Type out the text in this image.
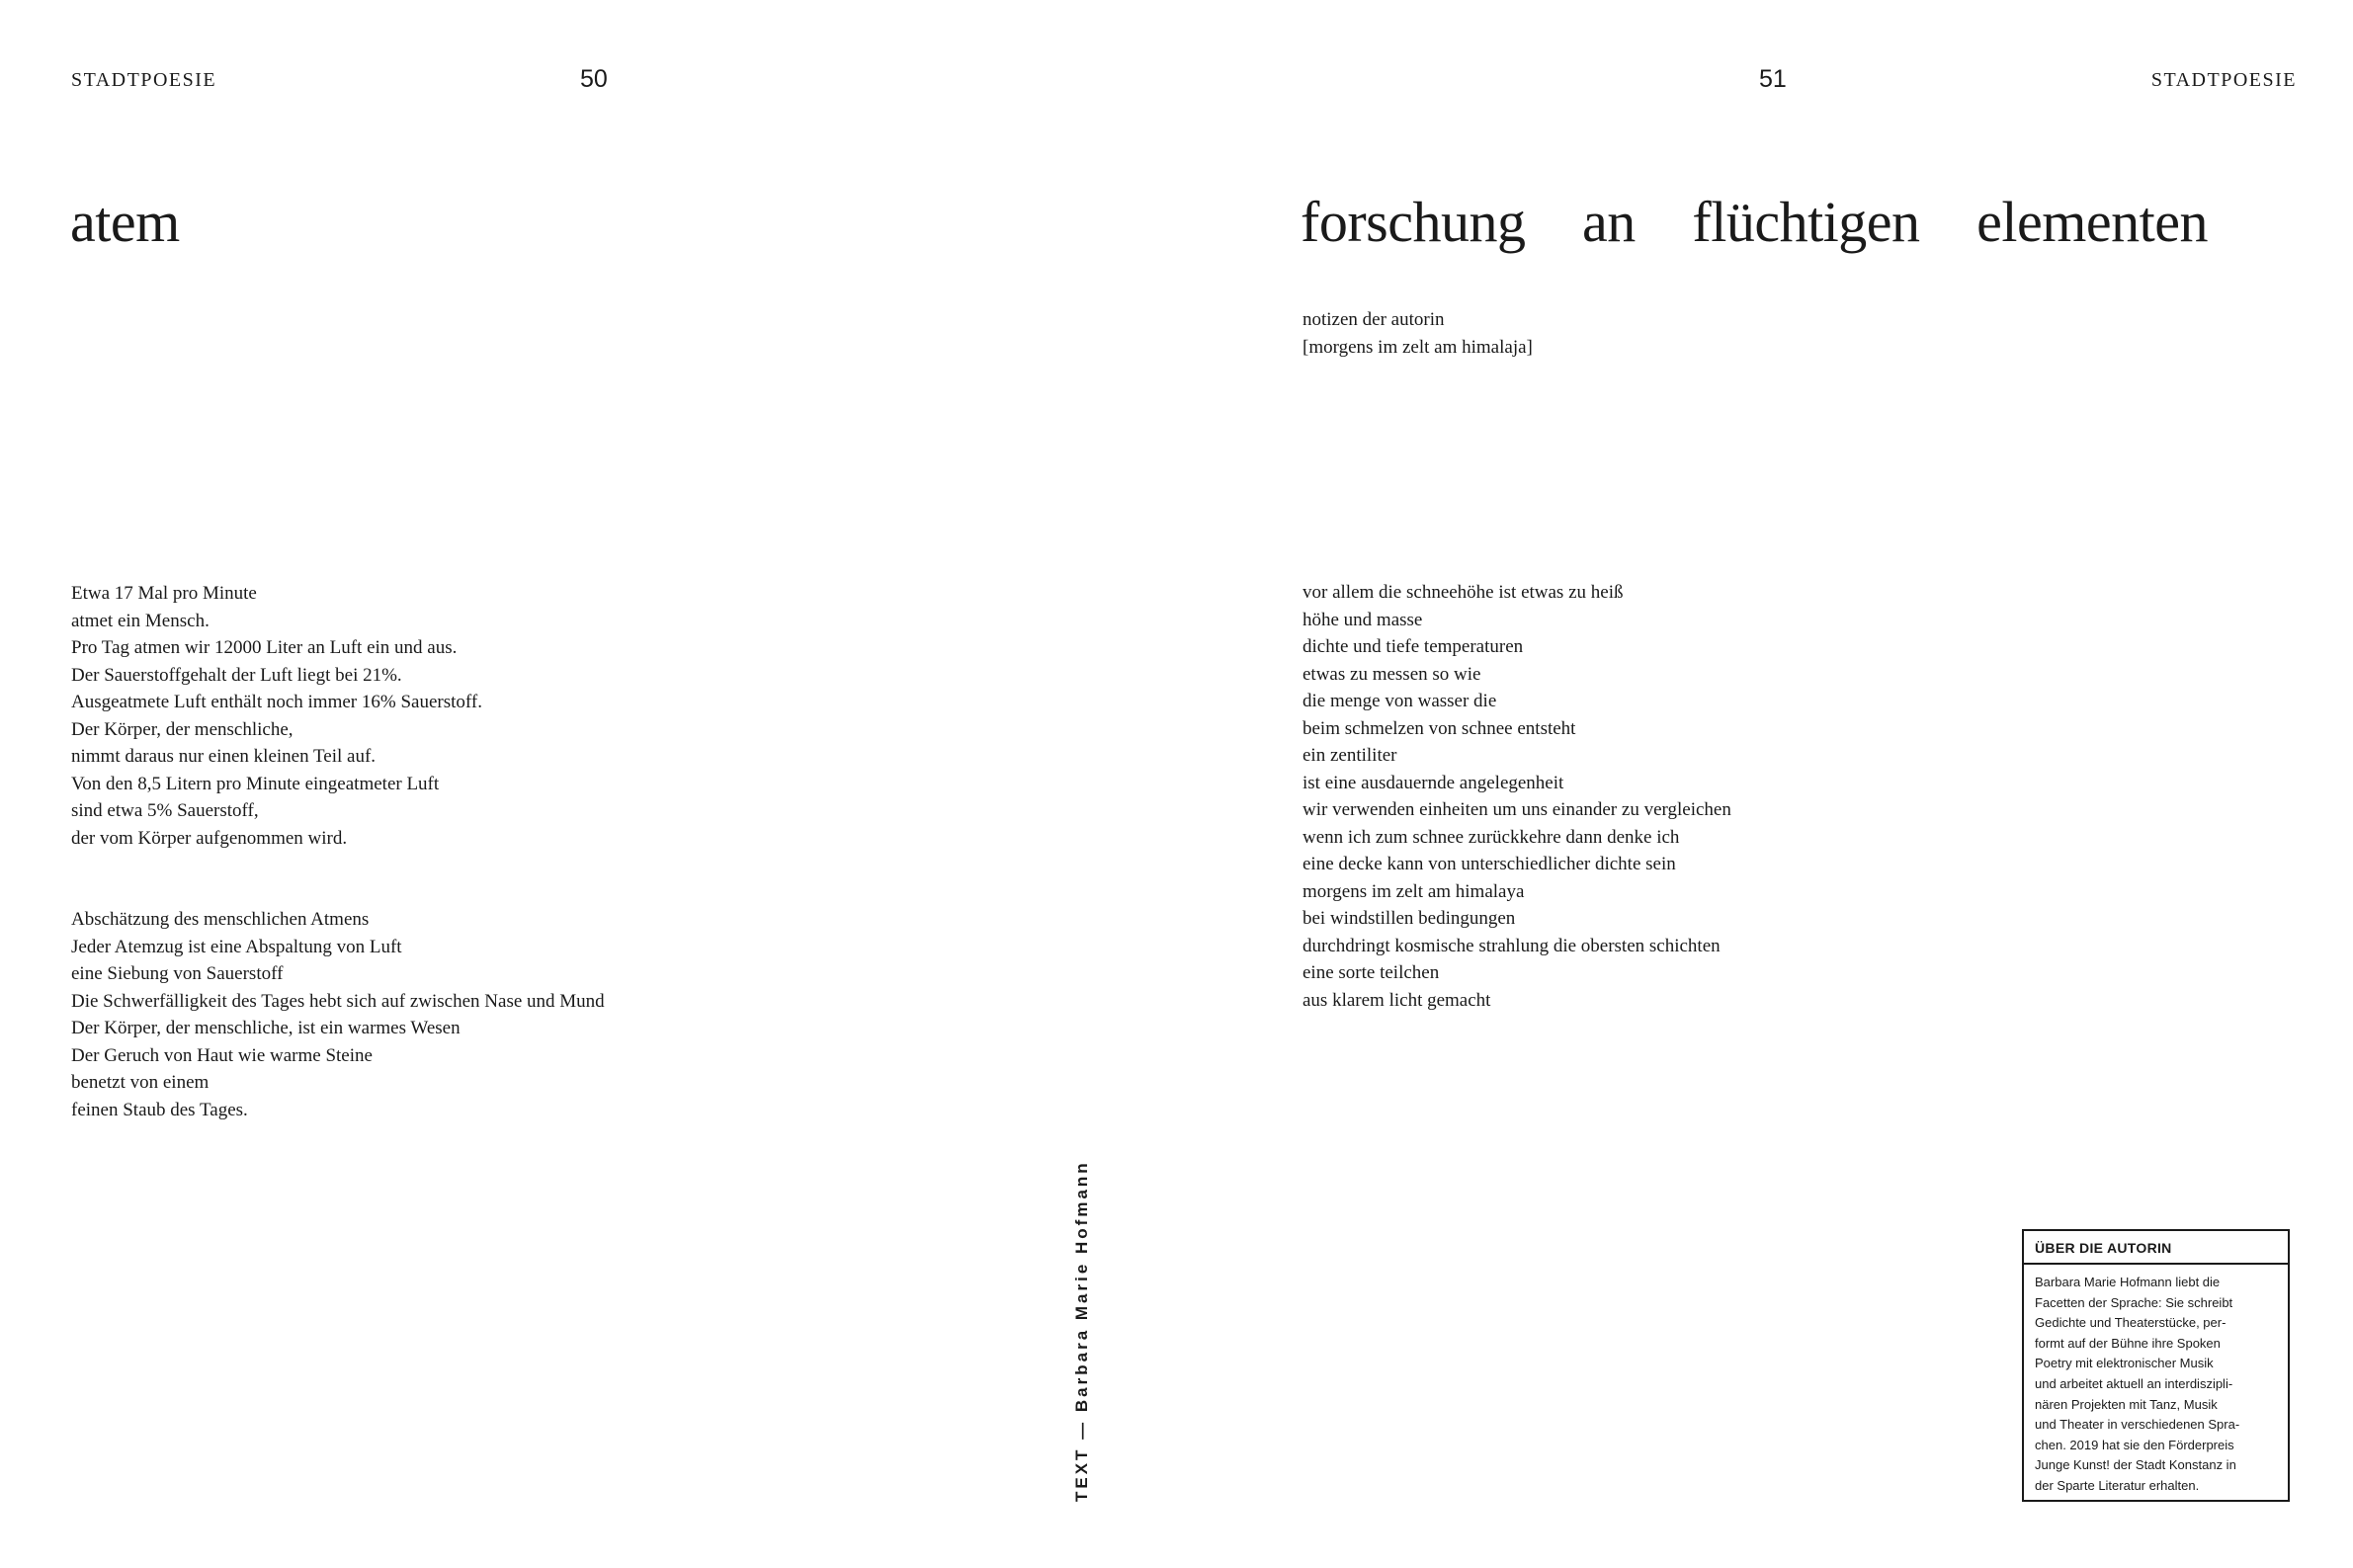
STADTPOESIE	50
atem
Etwa 17 Mal pro Minute
atmet ein Mensch.
Pro Tag atmen wir 12000 Liter an Luft ein und aus.
Der Sauerstoffgehalt der Luft liegt bei 21%.
Ausgeatmete Luft enthält noch immer 16% Sauerstoff.
Der Körper, der menschliche,
nimmt daraus nur einen kleinen Teil auf.
Von den 8,5 Litern pro Minute eingeatmeter Luft
sind etwa 5% Sauerstoff,
der vom Körper aufgenommen wird.
Abschätzung des menschlichen Atmens
Jeder Atemzug ist eine Abspaltung von Luft
eine Siebung von Sauerstoff
Die Schwerfälligkeit des Tages hebt sich auf zwischen Nase und Mund
Der Körper, der menschliche, ist ein warmes Wesen
Der Geruch von Haut wie warme Steine
benetzt von einem
feinen Staub des Tages.
TEXT — Barbara Marie Hofmann
51	STADTPOESIE
forschung an flüchtigen elementen
notizen der autorin
[morgens im zelt am himalaja]
vor allem die schneehöhe ist etwas zu heiß
höhe und masse
dichte und tiefe temperaturen
etwas zu messen so wie
die menge von wasser die
beim schmelzen von schnee entsteht
ein zentiliter
ist eine ausdauernde angelegenheit
wir verwenden einheiten um uns einander zu vergleichen
wenn ich zum schnee zurückkehre dann denke ich
eine decke kann von unterschiedlicher dichte sein
morgens im zelt am himalaya
bei windstillen bedingungen
durchdringt kosmische strahlung die obersten schichten
eine sorte teilchen
aus klarem licht gemacht
ÜBER DIE AUTORIN
Barbara Marie Hofmann liebt die
Facetten der Sprache: Sie schreibt
Gedichte und Theaterstücke, per-
formt auf der Bühne ihre Spoken
Poetry mit elektronischer Musik
und arbeitet aktuell an interdiszipli-
nären Projekten mit Tanz, Musik
und Theater in verschiedenen Spra-
chen. 2019 hat sie den Förderpreis
Junge Kunst! der Stadt Konstanz in
der Sparte Literatur erhalten.
